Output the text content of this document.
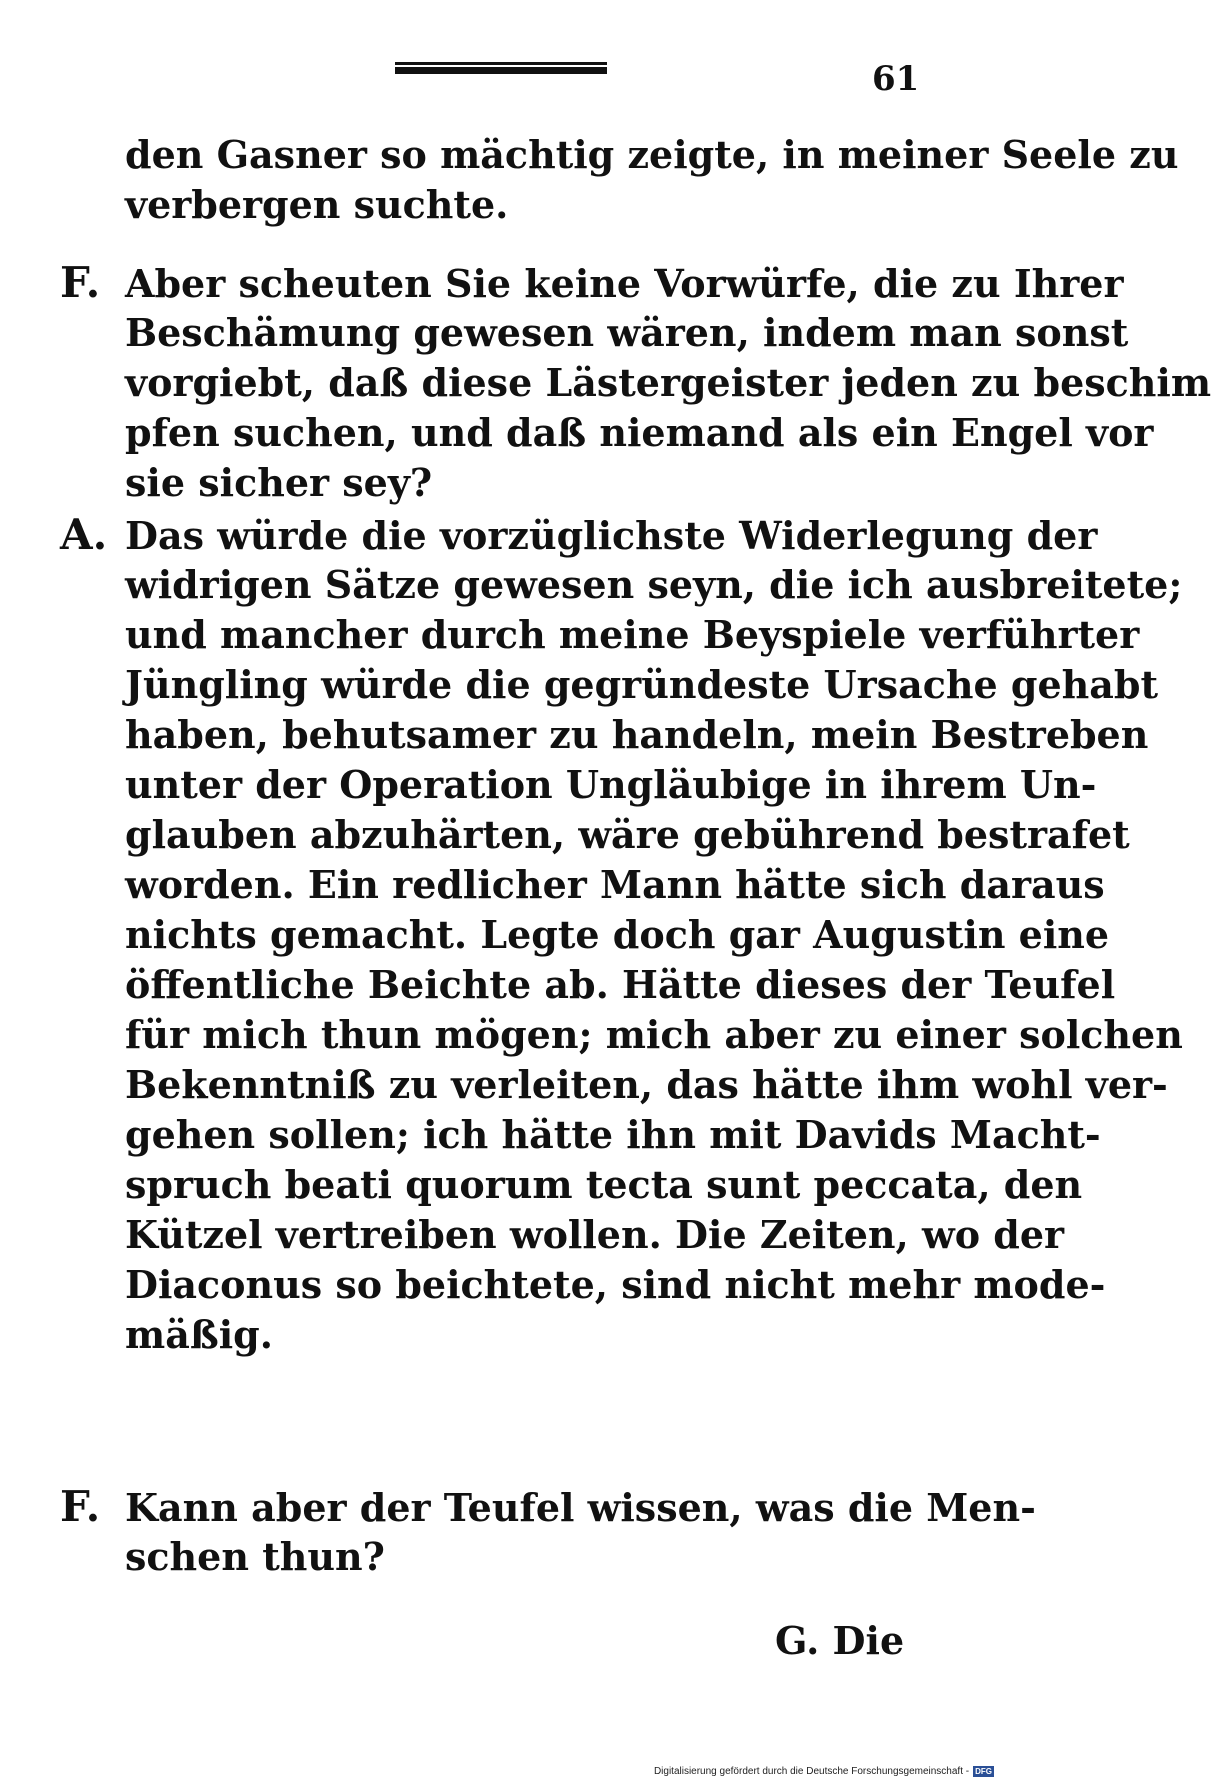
61
den Gasner so mächtig zeigte, in meiner Seele zu
verbergen suchte.
F. Aber scheuten Sie keine Vorwürfe, die zu Ihrer
Beschämung gewesen wären, indem man sonst
vorgiebt, daß diese Lästergeister jeden zu beschim
pfen suchen, und daß niemand als ein Engel vor
sie sicher sey?
A. Das würde die vorzüglichste Widerlegung der
widrigen Sätze gewesen seyn, die ich ausbreitete;
und mancher durch meine Beyspiele verführter
Jüngling würde die gegründeste Ursache gehabt
haben, behutsamer zu handeln, mein Bestreben
unter der Operation Ungläubige in ihrem Un-
glauben abzuhärten, wäre gebührend bestrafet
worden. Ein redlicher Mann hätte sich daraus
nichts gemacht. Legte doch gar Augustin eine
öffentliche Beichte ab. Hätte dieses der Teufel
für mich thun mögen; mich aber zu einer solchen
Bekenntniß zu verleiten, das hätte ihm wohl ver-
gehen sollen; ich hätte ihn mit Davids Macht-
spruch beati quorum tecta sunt peccata, den
Kützel vertreiben wollen. Die Zeiten, wo der
Diaconus so beichtete, sind nicht mehr mode-
mäßig.
F. Kann aber der Teufel wissen, was die Men-
schen thun?
G. Die
Digitalisierung gefördert durch die Deutsche Forschungsgemeinschaft - DFG
